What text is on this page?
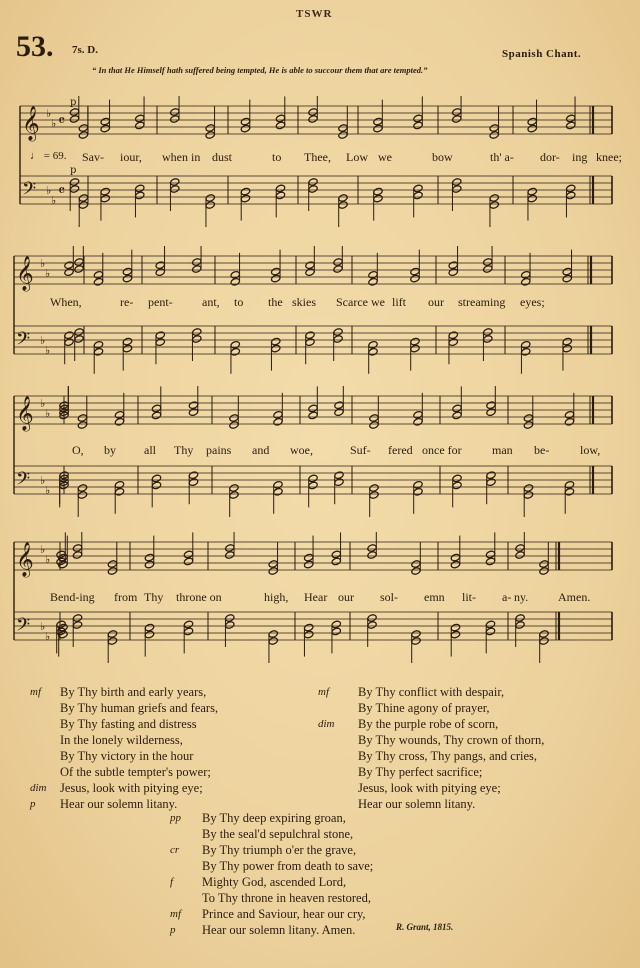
TSWR
53. 7s. D.	Spanish Chant.
“ In that He Himself hath suffered being tempted, He is able to succour them that are tempted.”
𝄞
𝄢
♭
♭
♭
♭
𝄴
𝄴
p
p
♩ = 69. Sav- iour, when in dust	to Thee, Low we	bow	th' a- dor- ing knee;
𝄞
𝄢
♭
♭
♭
♭
When,	re- pent- ant, to the skies Scarce we lift our streaming eyes;
𝄞
𝄢
♭
♭
♭
♭
O, by all Thy pains and woe,	Suf- fered once for	man be-	low,
𝄞
𝄢
♭
♭
♭
♭
Bend-ing from Thy throne on	high, Hear our sol- emn lit- a- ny. Amen.
mf By Thy birth and early years,
By Thy human griefs and fears,
By Thy fasting and distress
In the lonely wilderness,
By Thy victory in the hour
Of the subtle tempter's power;
dim Jesus, look with pitying eye;
p Hear our solemn litany.
mf By Thy conflict with despair,
By Thine agony of prayer,
dim By the purple robe of scorn,
By Thy wounds, Thy crown of thorn,
By Thy cross, Thy pangs, and cries,
By Thy perfect sacrifice;
Jesus, look with pitying eye;
Hear our solemn litany.
pp By Thy deep expiring groan,
By the seal'd sepulchral stone,
cr By Thy triumph o'er the grave,
By Thy power from death to save;
f Mighty God, ascended Lord,
To Thy throne in heaven restored,
mf Prince and Saviour, hear our cry,
p Hear our solemn litany. Amen.	R. Grant, 1815.
